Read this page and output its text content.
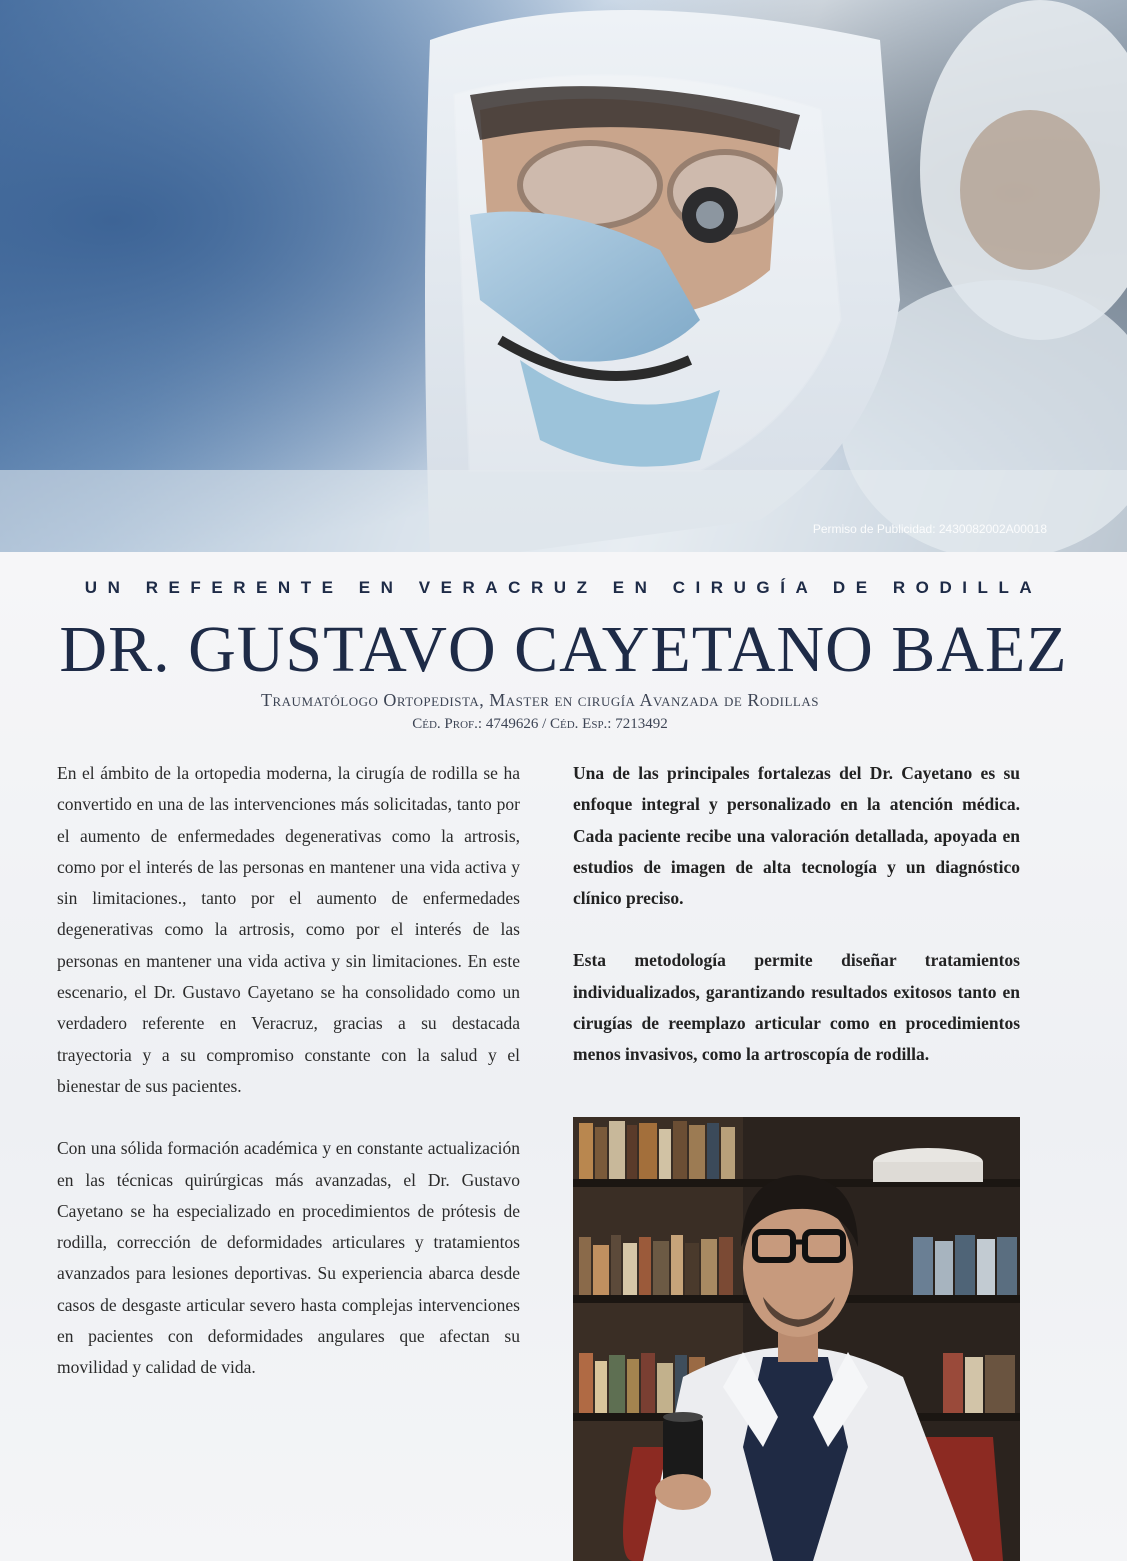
Permiso de Publicidad: 2430082002A00018
UN REFERENTE EN VERACRUZ EN CIRUGÍA DE RODILLA
DR. GUSTAVO CAYETANO BAEZ
Traumatólogo Ortopedista, Master en cirugía Avanzada de Rodillas
Céd. Prof.: 4749626 / Céd. Esp.: 7213492

En el ámbito de la ortopedia moderna, la cirugía de rodilla se ha convertido en una de las intervenciones más solicitadas, tanto por el aumento de enfermedades degenerativas como la artrosis, como por el interés de las personas en mantener una vida activa y sin limitaciones., tanto por el aumento de enfermedades degenerativas como la artrosis, como por el interés de las personas en mantener una vida activa y sin limitaciones. En este escenario, el Dr. Gustavo Cayetano se ha consolidado como un verdadero referente en Veracruz, gracias a su destacada trayectoria y a su compromiso constante con la salud y el bienestar de sus pacientes.

Con una sólida formación académica y en constante actualización en las técnicas quirúrgicas más avanzadas, el Dr. Gustavo Cayetano se ha especializado en procedimientos de prótesis de rodilla, corrección de deformidades articulares y tratamientos avanzados para lesiones deportivas. Su experiencia abarca desde casos de desgaste articular severo hasta complejas intervenciones en pacientes con deformidades angulares que afectan su movilidad y calidad de vida.

Una de las principales fortalezas del Dr. Cayetano es su enfoque integral y personalizado en la atención médica. Cada paciente recibe una valoración detallada, apoyada en estudios de imagen de alta tecnología y un diagnóstico clínico preciso.

Esta metodología permite diseñar tratamientos individualizados, garantizando resultados exitosos tanto en cirugías de reemplazo articular como en procedimientos menos invasivos, como la artroscopía de rodilla.
